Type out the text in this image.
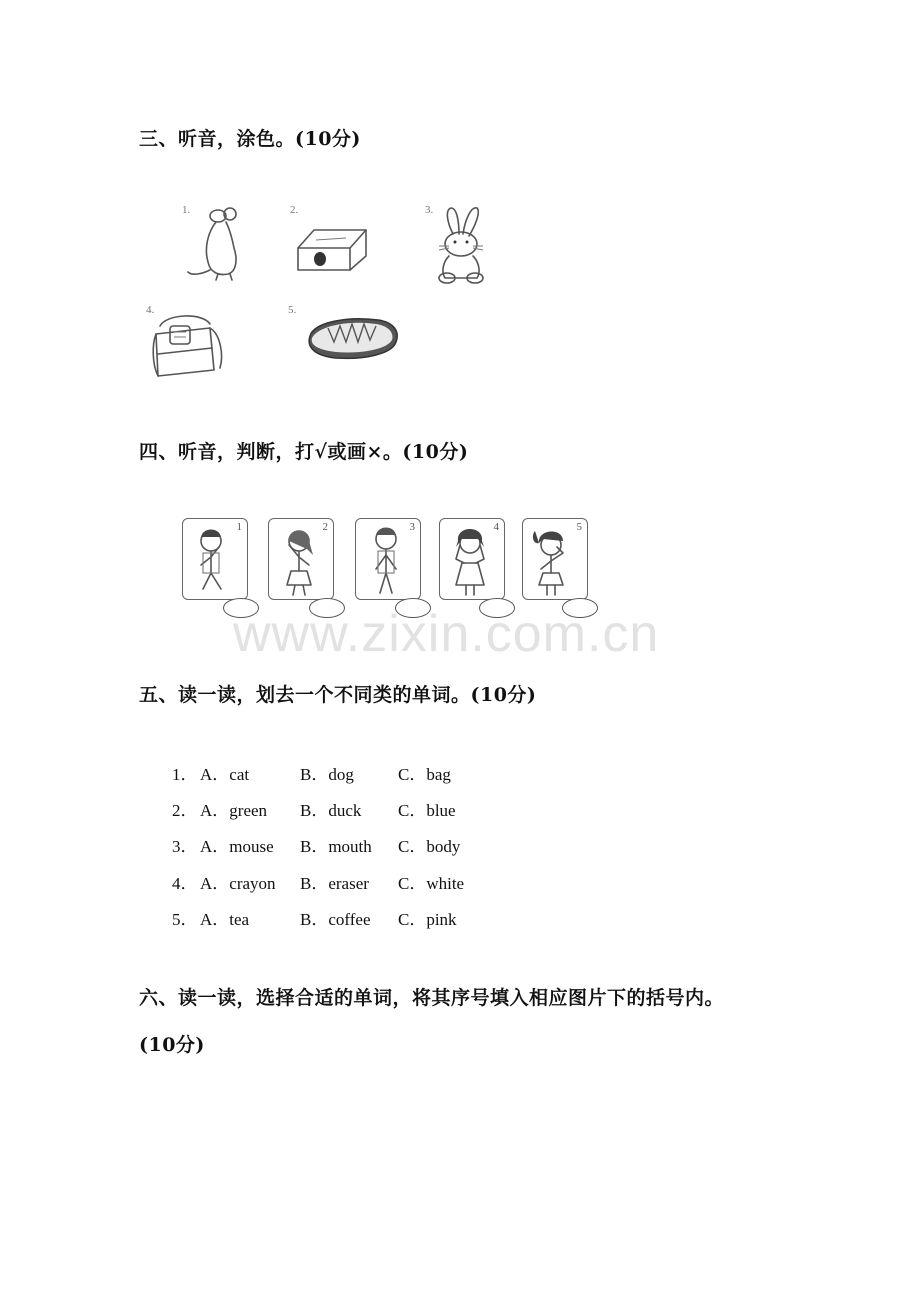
三、听音，涂色。(10分)
1.	2.	3.
4.	5.
四、听音，判断，打√或画×。(10分)
1	2	3	4	5
www.zixin.com.cn
五、读一读，划去一个不同类的单词。(10分)
1． A．cat	B．dog	C．bag
2． A．green B．duck C．blue
3． A．mouse B．mouth C．body
4． A．crayon B．eraser C．white
5． A．tea	B．coffee C．pink
六、读一读，选择合适的单词，将其序号填入相应图片下的括号内。
(10分)
